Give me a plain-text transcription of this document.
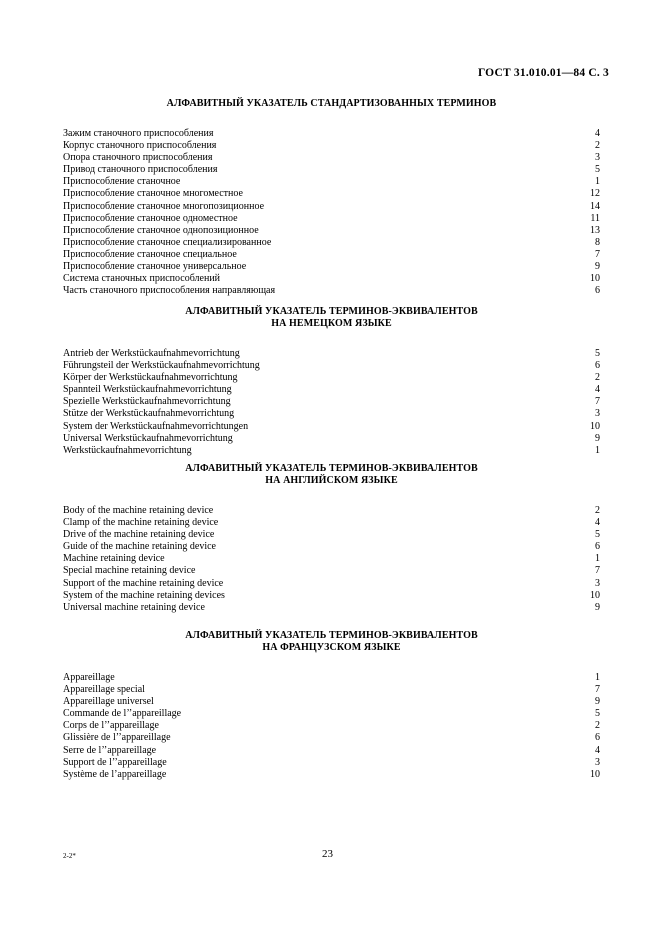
ГОСТ 31.010.01—84 С. 3
АЛФАВИТНЫЙ УКАЗАТЕЛЬ СТАНДАРТИЗОВАННЫХ ТЕРМИНОВ
Зажим станочного приспособления	4
Корпус станочного приспособления	2
Опора станочного приспособления	3
Привод станочного приспособления	5
Приспособление станочное	1
Приспособление станочное многоместное	12
Приспособление станочное многопозиционное	14
Приспособление станочное одноместное	11
Приспособление станочное однопозиционное	13
Приспособление станочное специализированное	8
Приспособление станочное специальное	7
Приспособление станочное универсальное	9
Система станочных приспособлений	10
Часть станочного приспособления направляющая	6
АЛФАВИТНЫЙ УКАЗАТЕЛЬ ТЕРМИНОВ-ЭКВИВАЛЕНТОВ
НА НЕМЕЦКОМ ЯЗЫКЕ
Antrieb der Werkstückaufnahmevorrichtung	5
Führungsteil der Werkstückaufnahmevorrichtung	6
Körper der Werkstückaufnahmevorrichtung	2
Spannteil Werkstückaufnahmevorrichtung	4
Spezielle Werkstückaufnahmevorrichtung	7
Stütze der Werkstückaufnahmevorrichtung	3
System der Werkstückaufnahmevorrichtungen	10
Universal Werkstückaufnahmevorrichtung	9
Werkstückaufnahmevorrichtung	1
АЛФАВИТНЫЙ УКАЗАТЕЛЬ ТЕРМИНОВ-ЭКВИВАЛЕНТОВ
НА АНГЛИЙСКОМ ЯЗЫКЕ
Body of the machine retaining device	2
Clamp of the machine retaining device	4
Drive of the machine retaining device	5
Guide of the machine retaining device	6
Machine retaining device	1
Special machine retaining device	7
Support of the machine retaining device	3
System of the machine retaining devices	10
Universal machine retaining device	9
АЛФАВИТНЫЙ УКАЗАТЕЛЬ ТЕРМИНОВ-ЭКВИВАЛЕНТОВ
НА ФРАНЦУЗСКОМ ЯЗЫКЕ
Appareillage	1
Appareillage special	7
Appareillage universel	9
Commande de l’’appareillage	5
Corps de l’’appareillage	2
Glissière de l’’appareillage	6
Serre de l’’appareillage	4
Support de l’’appareillage	3
Système de l’appareillage	10
2-2*	23
